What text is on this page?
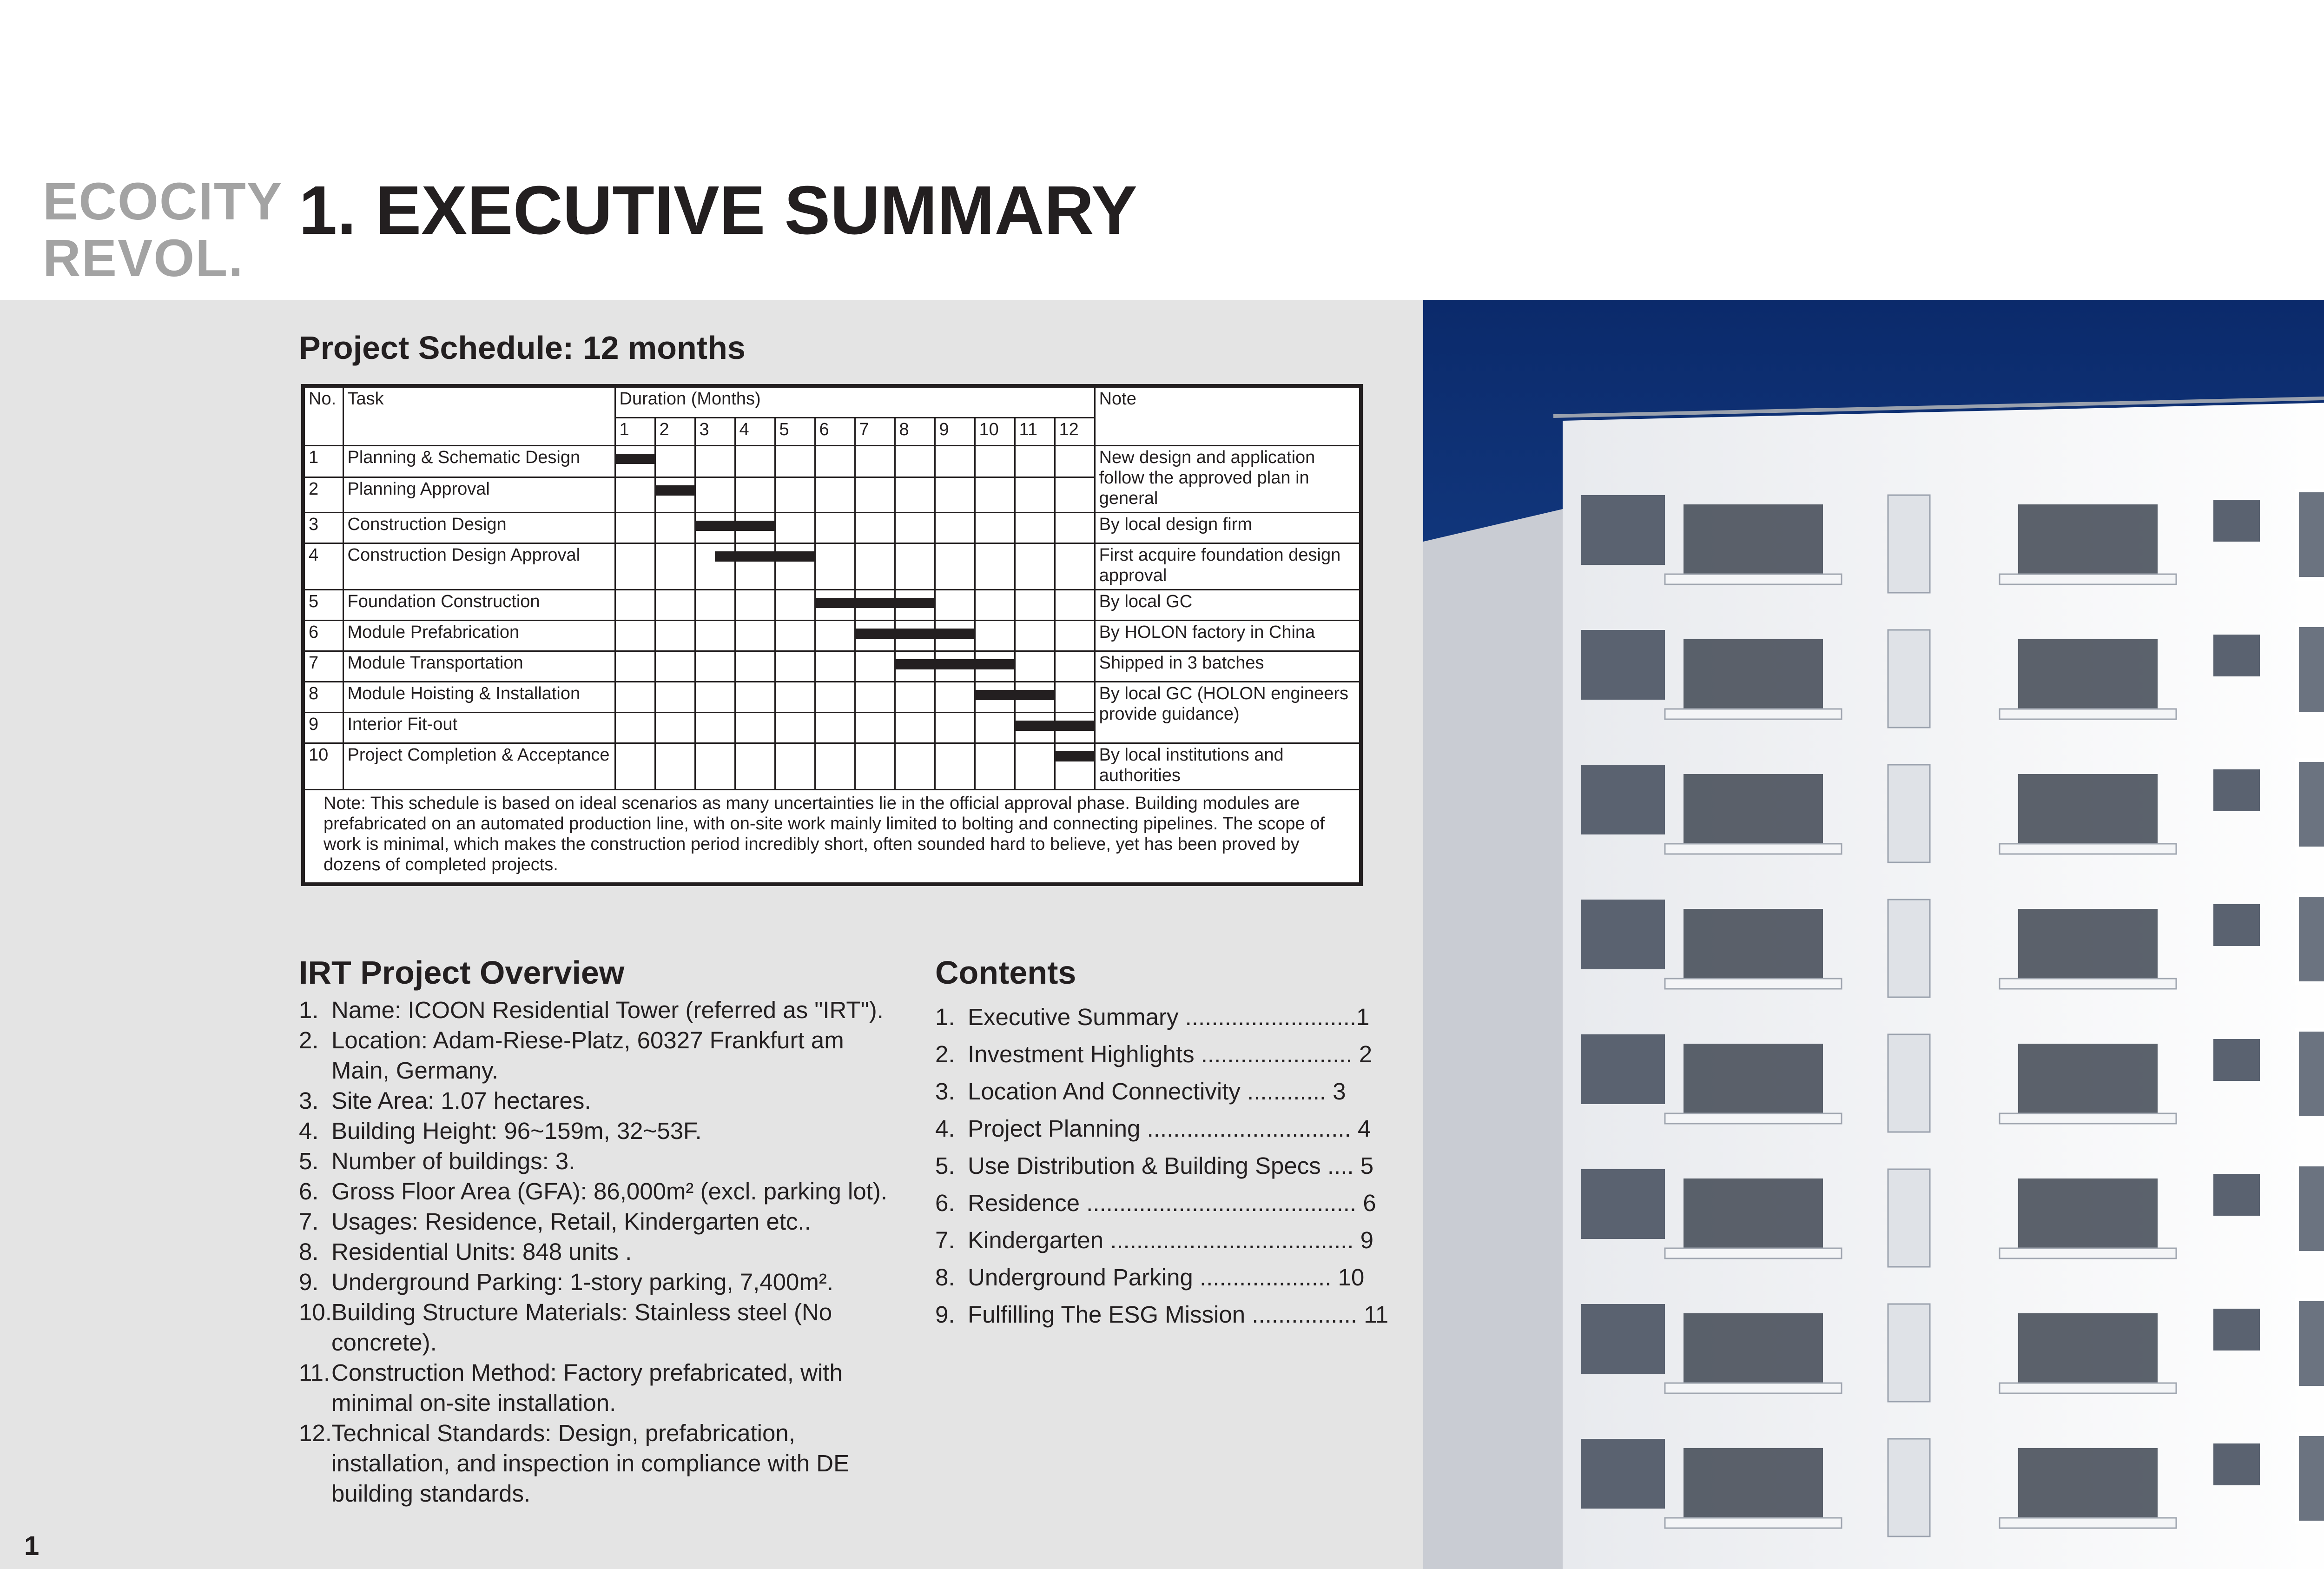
ECOCITY
REVOL.
1. EXECUTIVE SUMMARY
Project Schedule: 12 months
No.	Task	Duration (Months)												Note
		1	2	3	4	5	6	7	8	9	10	11	12	
1	Planning & Schematic Design													New design and application follow the approved plan in general
2	Planning Approval			

3	Construction Design													By local design firm
4	Construction Design Approval													First acquire foundation design approval
5	Foundation Construction													By local GC
6	Module Prefabrication													By HOLON factory in China
7	Module Transportation													Shipped in 3 batches
8	Module Hoisting & Installation													By local GC (HOLON engineers provide guidance)
9	Interior Fit-out												

10	Project Completion & Acceptance													By local institutions and authorities
Note: This schedule is based on ideal scenarios as many uncertainties lie in the official approval phase. Building modules are prefabricated on an automated production line, with on-site work mainly limited to bolting and connecting pipelines. The scope of work is minimal, which makes the construction period incredibly short, often sounded hard to believe, yet has been proved by dozens of completed projects.														
IRT Project Overview
1. Name: ICOON Residential Tower (referred as "IRT").
2. Location: Adam-Riese-Platz, 60327 Frankfurt am Main, Germany.
3. Site Area: 1.07 hectares.
4. Building Height: 96~159m, 32~53F.
5. Number of buildings: 3.
6. Gross Floor Area (GFA): 86,000m² (excl. parking lot).
7. Usages: Residence, Retail, Kindergarten etc..
8. Residential Units: 848 units .
9. Underground Parking: 1-story parking, 7,400m².
10. Building Structure Materials: Stainless steel (No concrete).
11. Construction Method: Factory prefabricated, with minimal on-site installation.
12. Technical Standards: Design, prefabrication, installation, and inspection in compliance with DE building standards.
Contents
1. Executive Summary ..........................1
2. Investment Highlights ....................... 2
3. Location And Connectivity ............ 3
4. Project Planning ............................... 4
5. Use Distribution & Building Specs .... 5
6. Residence ......................................... 6
7. Kindergarten ..................................... 9
8. Underground Parking .................... 10
9. Fulfilling The ESG Mission ................ 11
1
